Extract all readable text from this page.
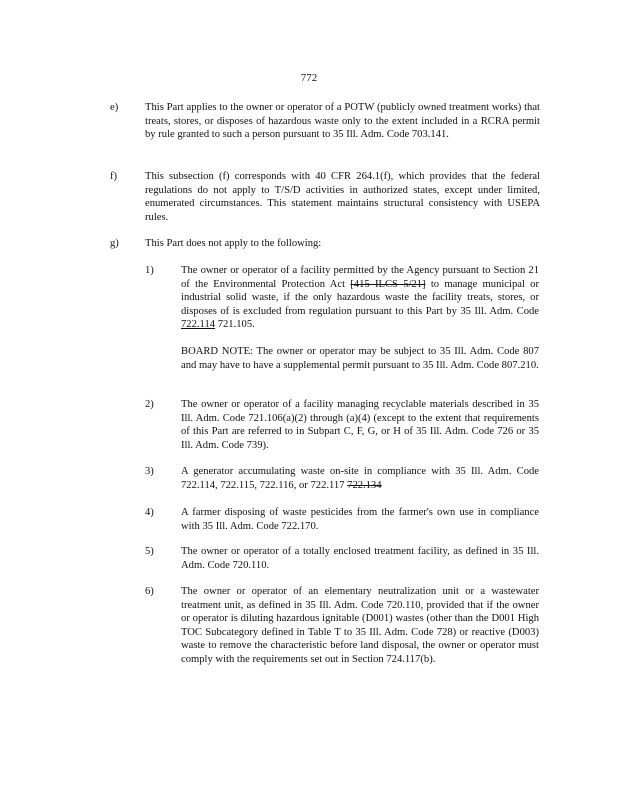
772
e)	This Part applies to the owner or operator of a POTW (publicly owned treatment works) that treats, stores, or disposes of hazardous waste only to the extent included in a RCRA permit by rule granted to such a person pursuant to 35 Ill. Adm. Code 703.141.
f)	This subsection (f) corresponds with 40 CFR 264.1(f), which provides that the federal regulations do not apply to T/S/D activities in authorized states, except under limited, enumerated circumstances. This statement maintains structural consistency with USEPA rules.
g) This Part does not apply to the following:
1)	The owner or operator of a facility permitted by the Agency pursuant to Section 21 of the Environmental Protection Act [415 ILCS 5/21] to manage municipal or industrial solid waste, if the only hazardous waste the facility treats, stores, or disposes of is excluded from regulation pursuant to this Part by 35 Ill. Adm. Code 722.114 721.105.
BOARD NOTE: The owner or operator may be subject to 35 Ill. Adm. Code 807 and may have to have a supplemental permit pursuant to 35 Ill. Adm. Code 807.210.
2)	The owner or operator of a facility managing recyclable materials described in 35 Ill. Adm. Code 721.106(a)(2) through (a)(4) (except to the extent that requirements of this Part are referred to in Subpart C, F, G, or H of 35 Ill. Adm. Code 726 or 35 Ill. Adm. Code 739).
3)	A generator accumulating waste on-site in compliance with 35 Ill. Adm. Code 722.114, 722.115, 722.116, or 722.117 722.134
4)	A farmer disposing of waste pesticides from the farmer's own use in compliance with 35 Ill. Adm. Code 722.170.
5)	The owner or operator of a totally enclosed treatment facility, as defined in 35 Ill. Adm. Code 720.110.
6)	The owner or operator of an elementary neutralization unit or a wastewater treatment unit, as defined in 35 Ill. Adm. Code 720.110, provided that if the owner or operator is diluting hazardous ignitable (D001) wastes (other than the D001 High TOC Subcategory defined in Table T to 35 Ill. Adm. Code 728) or reactive (D003) waste to remove the characteristic before land disposal, the owner or operator must comply with the requirements set out in Section 724.117(b).
